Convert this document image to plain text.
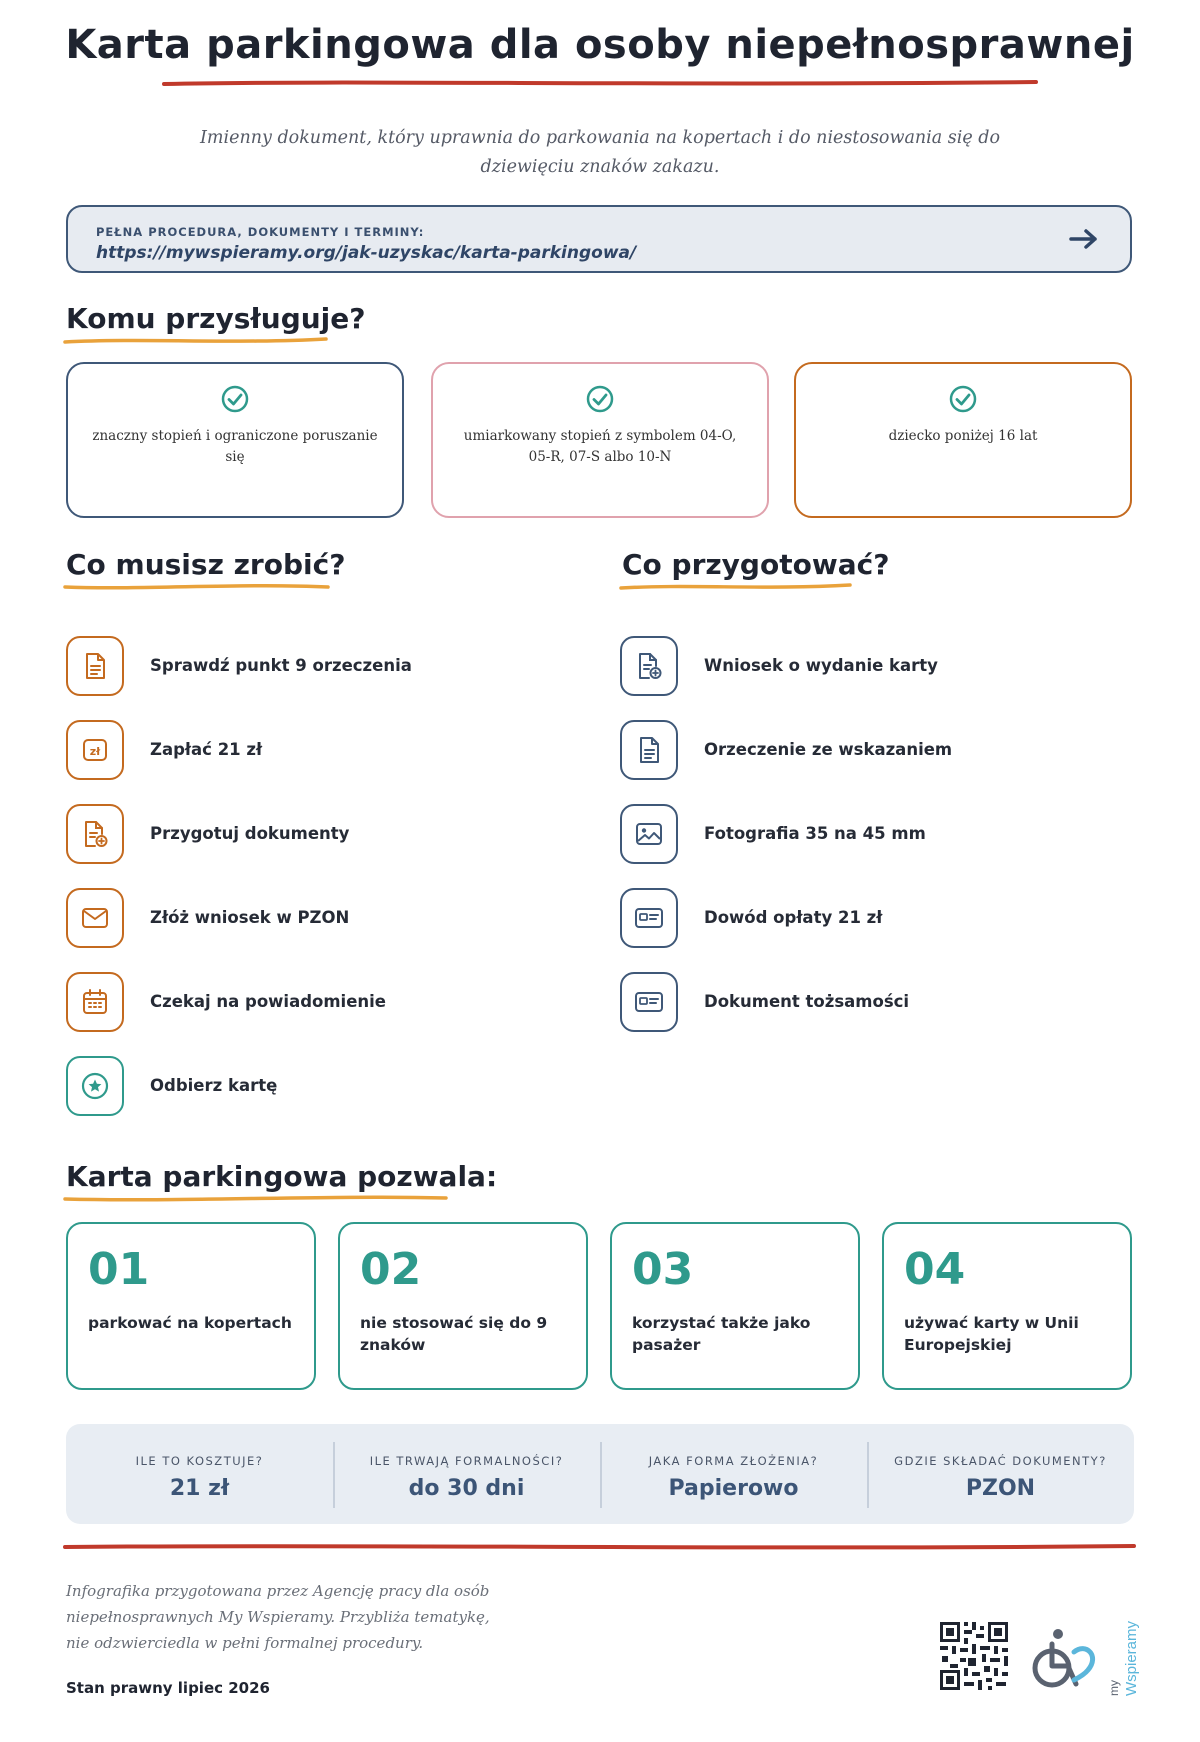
Karta parkingowa dla osoby niepełnosprawnej
Imienny dokument, który uprawnia do parkowania na kopertach i do niestosowania się do dziewięciu znaków zakazu.
PEŁNA PROCEDURA, DOKUMENTY I TERMINY:
https://mywspieramy.org/jak-uzyskac/karta-parkingowa/
Komu przysługuje?
znaczny stopień i ograniczone poruszanie się
umiarkowany stopień z symbolem 04-O, 05-R, 07-S albo 10-N
dziecko poniżej 16 lat
Co musisz zrobić?
Sprawdź punkt 9 orzeczenia
zł	Zapłać 21 zł
Przygotuj dokumenty
Złóż wniosek w PZON
Czekaj na powiadomienie
Odbierz kartę
Co przygotować?
Wniosek o wydanie karty
Orzeczenie ze wskazaniem
Fotografia 35 na 45 mm
Dowód opłaty 21 zł
Dokument tożsamości
Karta parkingowa pozwala:
01
parkować na kopertach
02
nie stosować się do 9 znaków
03
korzystać także jako pasażer
04
używać karty w Unii Europejskiej
ILE TO KOSZTUJE?
21 zł
ILE TRWAJĄ FORMALNOŚCI?
do 30 dni
JAKA FORMA ZŁOŻENIA?
Papierowo
GDZIE SKŁADAĆ DOKUMENTY?
PZON
Infografika przygotowana przez Agencję pracy dla osób niepełnosprawnych My Wspieramy. Przybliża tematykę, nie odzwierciedla w pełni formalnej procedury.
Stan prawny lipiec 2026	my Wspieramy
